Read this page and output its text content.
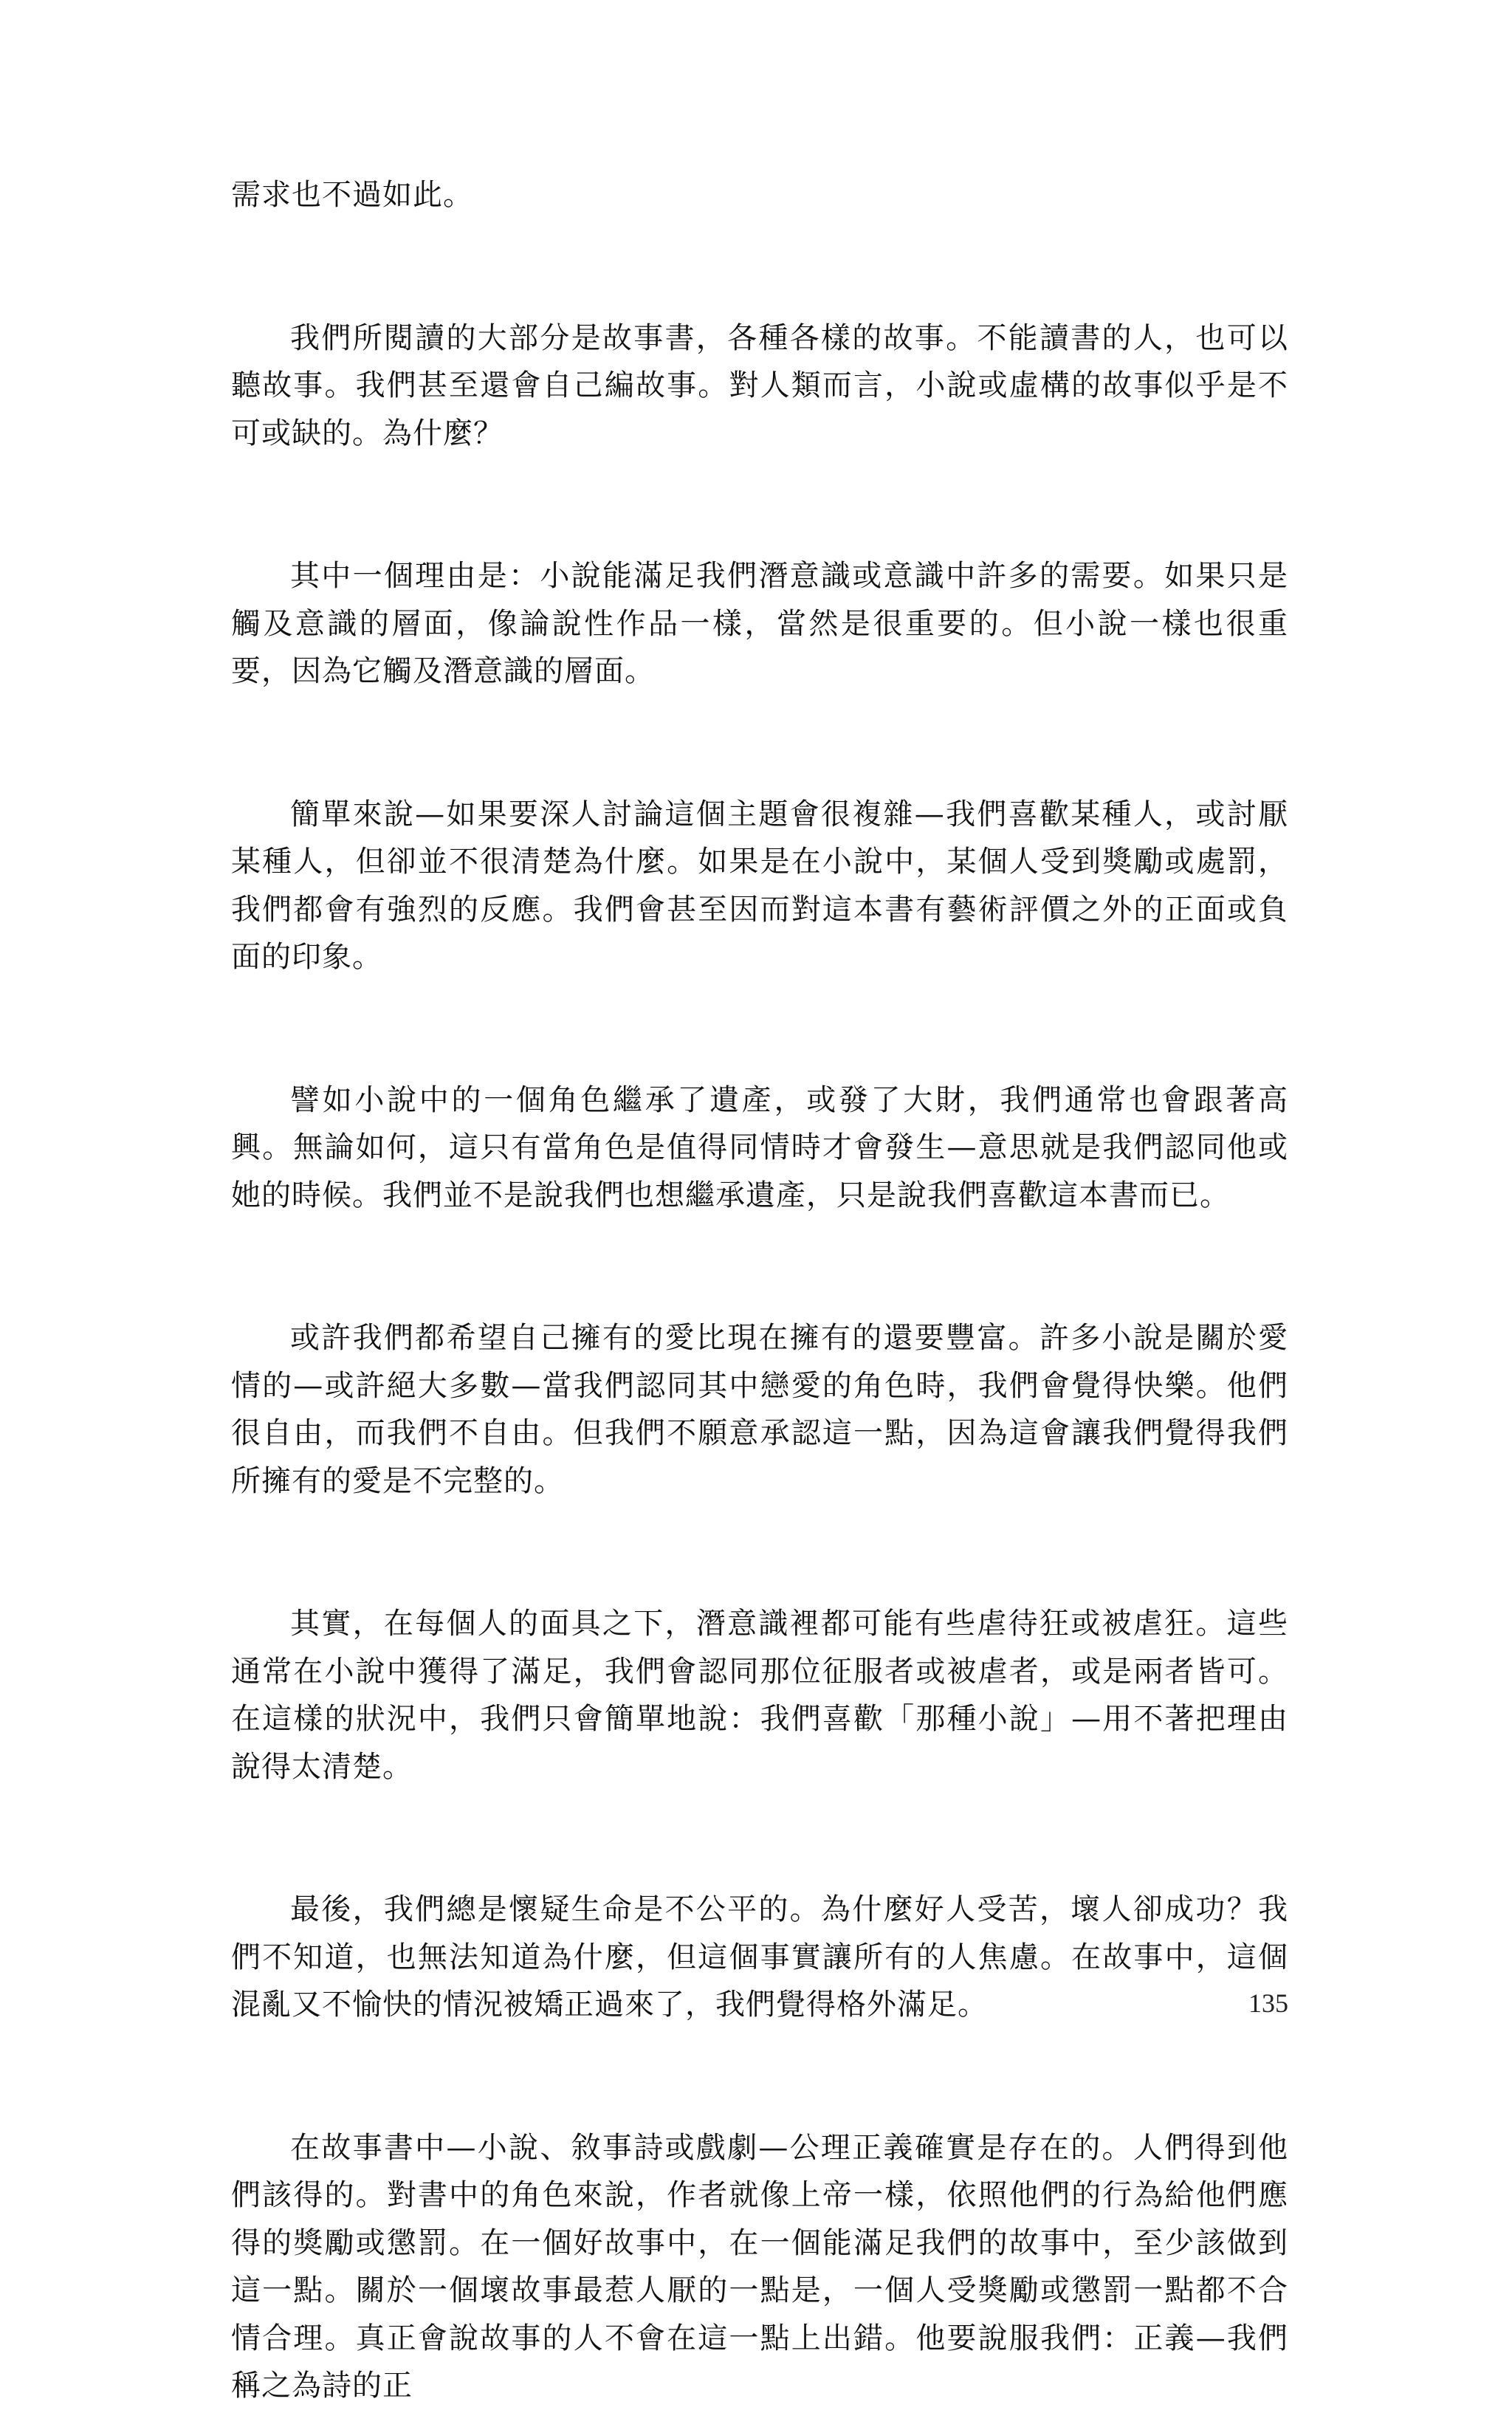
需求也不過如此。

我們所閱讀的大部分是故事書，各種各樣的故事。不能讀書的人，也可以聽故事。我們甚至還會自己編故事。對人類而言，小說或虛構的故事似乎是不可或缺的。為什麼？

其中一個理由是：小說能滿足我們潛意識或意識中許多的需要。如果只是觸及意識的層面，像論說性作品一樣，當然是很重要的。但小說一樣也很重要，因為它觸及潛意識的層面。

簡單來說—如果要深人討論這個主題會很複雜—我們喜歡某種人，或討厭某種人，但卻並不很清楚為什麼。如果是在小說中，某個人受到獎勵或處罰，我們都會有強烈的反應。我們會甚至因而對這本書有藝術評價之外的正面或負面的印象。

譬如小說中的一個角色繼承了遺產，或發了大財，我們通常也會跟著高興。無論如何，這只有當角色是值得同情時才會發生—意思就是我們認同他或她的時候。我們並不是說我們也想繼承遺產，只是說我們喜歡這本書而已。

或許我們都希望自己擁有的愛比現在擁有的還要豐富。許多小說是關於愛情的—或許絕大多數—當我們認同其中戀愛的角色時，我們會覺得快樂。他們很自由，而我們不自由。但我們不願意承認這一點，因為這會讓我們覺得我們所擁有的愛是不完整的。

其實，在每個人的面具之下，潛意識裡都可能有些虐待狂或被虐狂。這些通常在小說中獲得了滿足，我們會認同那位征服者或被虐者，或是兩者皆可。在這樣的狀況中，我們只會簡單地說：我們喜歡「那種小說」—用不著把理由說得太清楚。

最後，我們總是懷疑生命是不公平的。為什麼好人受苦，壞人卻成功？我們不知道，也無法知道為什麼，但這個事實讓所有的人焦慮。在故事中，這個混亂又不愉快的情況被矯正過來了，我們覺得格外滿足。

在故事書中—小說、敘事詩或戲劇—公理正義確實是存在的。人們得到他們該得的。對書中的角色來說，作者就像上帝一樣，依照他們的行為給他們應得的獎勵或懲罰。在一個好故事中，在一個能滿足我們的故事中，至少該做到這一點。關於一個壞故事最惹人厭的一點是，一個人受獎勵或懲罰一點都不合情合理。真正會說故事的人不會在這一點上出錯。他要說服我們：正義—我們稱之為詩的正

135
